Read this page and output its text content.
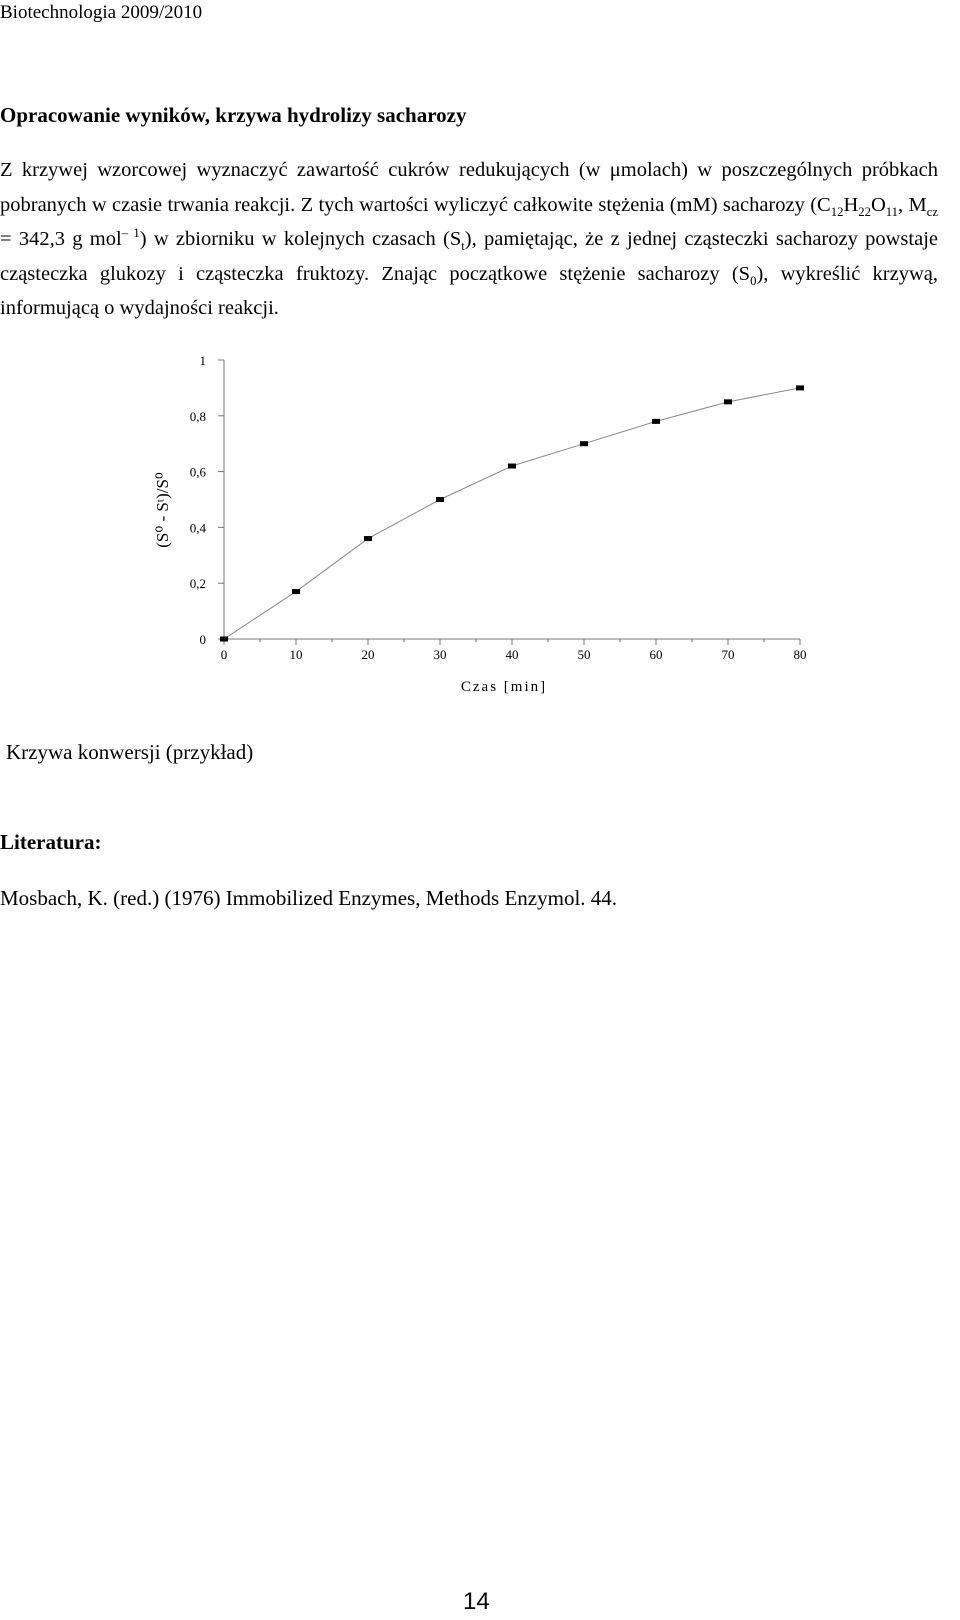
Biotechnologia 2009/2010
Opracowanie wyników, krzywa hydrolizy sacharozy

Z krzywej wzorcowej wyznaczyć zawartość cukrów redukujących (w μmolach) w poszczególnych próbkach pobranych w czasie trwania reakcji. Z tych wartości wyliczyć całkowite stężenia (mM) sacharozy ($C_{12}H_{22}O_{11}$, $M_{cz} = 342,3$ g mol$^{- 1}$) w zbiorniku w kolejnych czasach $(S_t)$, pamiętając, że z jednej cząsteczki sacharozy powstaje cząsteczka glukozy i cząsteczka fruktozy. Znając początkowe stężenie sacharozy $(S_0)$, wykreślić krzywą, informującą o wydajności reakcji.

0
0,2
0,4
0,6
0,8
1
0	10	20	30	40	50	60	70	80
Czas [min]
(S⁰ - Sᵗ)/S⁰
Krzywa konwersji (przykład)
Literatura:
Mosbach, K. (red.) (1976) Immobilized Enzymes, Methods Enzymol. 44.
14
